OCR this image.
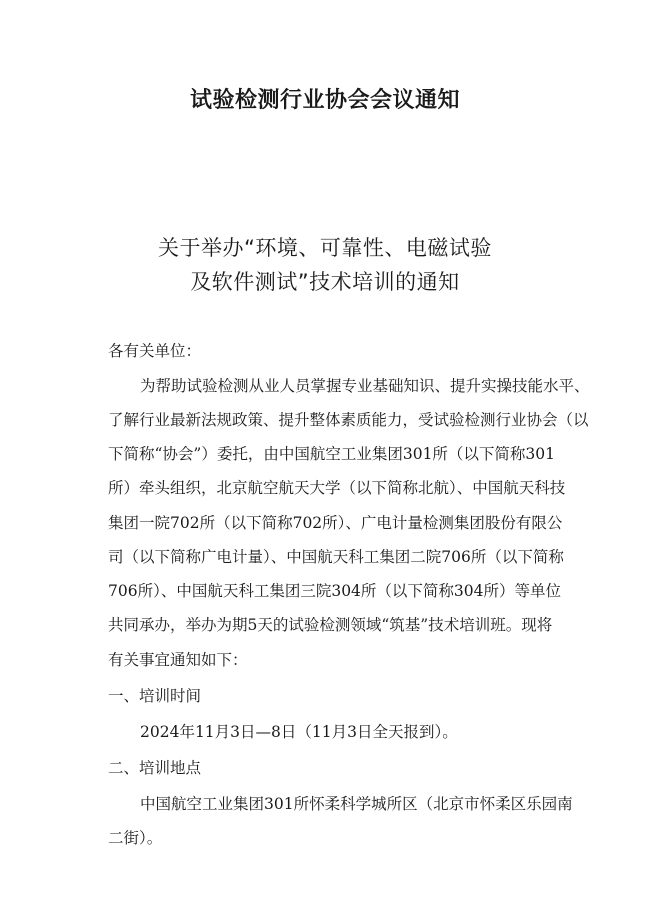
试验检测行业协会会议通知
关于举办“环境、可靠性、电磁试验
及软件测试”技术培训的通知
各有关单位：
为帮助试验检测从业人员掌握专业基础知识、提升实操技能水平、
了解行业最新法规政策、提升整体素质能力，受试验检测行业协会（以
下简称“协会”）委托，由中国航空工业集团301所（以下简称301
所）牵头组织，北京航空航天大学（以下简称北航）、中国航天科技
集团一院702所（以下简称702所）、广电计量检测集团股份有限公
司（以下简称广电计量）、中国航天科工集团二院706所（以下简称
706所）、中国航天科工集团三院304所（以下简称304所）等单位
共同承办，举办为期5天的试验检测领域“筑基”技术培训班。现将
有关事宜通知如下：
一、培训时间
2024年11月3日—8日（11月3日全天报到）。
二、培训地点
中国航空工业集团301所怀柔科学城所区（北京市怀柔区乐园南
二街）。
